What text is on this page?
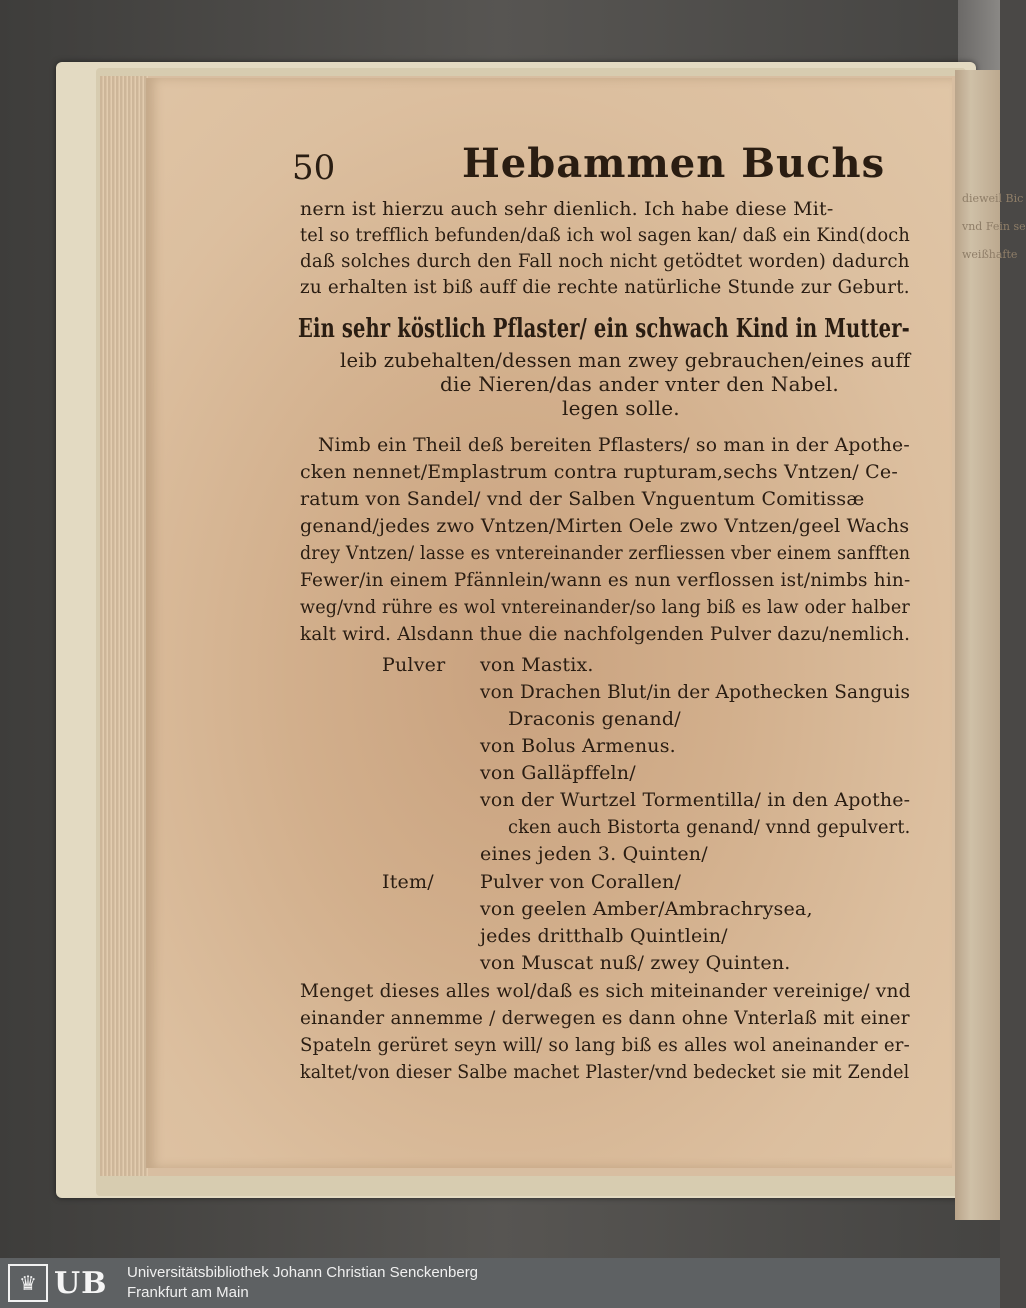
dieweil Bic
vnd Fein se
weißhafte
50	Hebammen Buchs
nern ist hierzu auch sehr dienlich. Ich habe diese Mit-
tel so trefflich befunden/daß ich wol sagen kan/ daß ein Kind(doch
daß solches durch den Fall noch nicht getödtet worden) dadurch
zu erhalten ist biß auff die rechte natürliche Stunde zur Geburt.
Ein sehr köstlich Pflaster/ ein schwach Kind in Mutter-
leib zubehalten/dessen man zwey gebrauchen/eines auff
die Nieren/das ander vnter den Nabel.
legen solle.
Nimb ein Theil deß bereiten Pflasters/ so man in der Apothe-
cken nennet/Emplastrum contra rupturam,sechs Vntzen/ Ce-
ratum von Sandel/ vnd der Salben Vnguentum Comitissæ
genand/jedes zwo Vntzen/Mirten Oele zwo Vntzen/geel Wachs
drey Vntzen/ lasse es vntereinander zerfliessen vber einem sanfften
Fewer/in einem Pfännlein/wann es nun verflossen ist/nimbs hin-
weg/vnd rühre es wol vntereinander/so lang biß es law oder halber
kalt wird. Alsdann thue die nachfolgenden Pulver dazu/nemlich.
Pulver von Mastix.
von Drachen Blut/in der Apothecken Sanguis
Draconis genand/
von Bolus Armenus.
von Galläpffeln/
von der Wurtzel Tormentilla/ in den Apothe-
cken auch Bistorta genand/ vnnd gepulvert.
eines jeden 3. Quinten/
Item/ Pulver von Corallen/
von geelen Amber/Ambrachrysea,
jedes dritthalb Quintlein/
von Muscat nuß/ zwey Quinten.
Menget dieses alles wol/daß es sich miteinander vereinige/ vnd
einander annemme / derwegen es dann ohne Vnterlaß mit einer
Spateln gerüret seyn will/ so lang biß es alles wol aneinander er-
kaltet/von dieser Salbe machet Plaster/vnd bedecket sie mit Zendel
♛ UB Universitätsbibliothek Johann Christian Senckenberg
Frankfurt am Main
